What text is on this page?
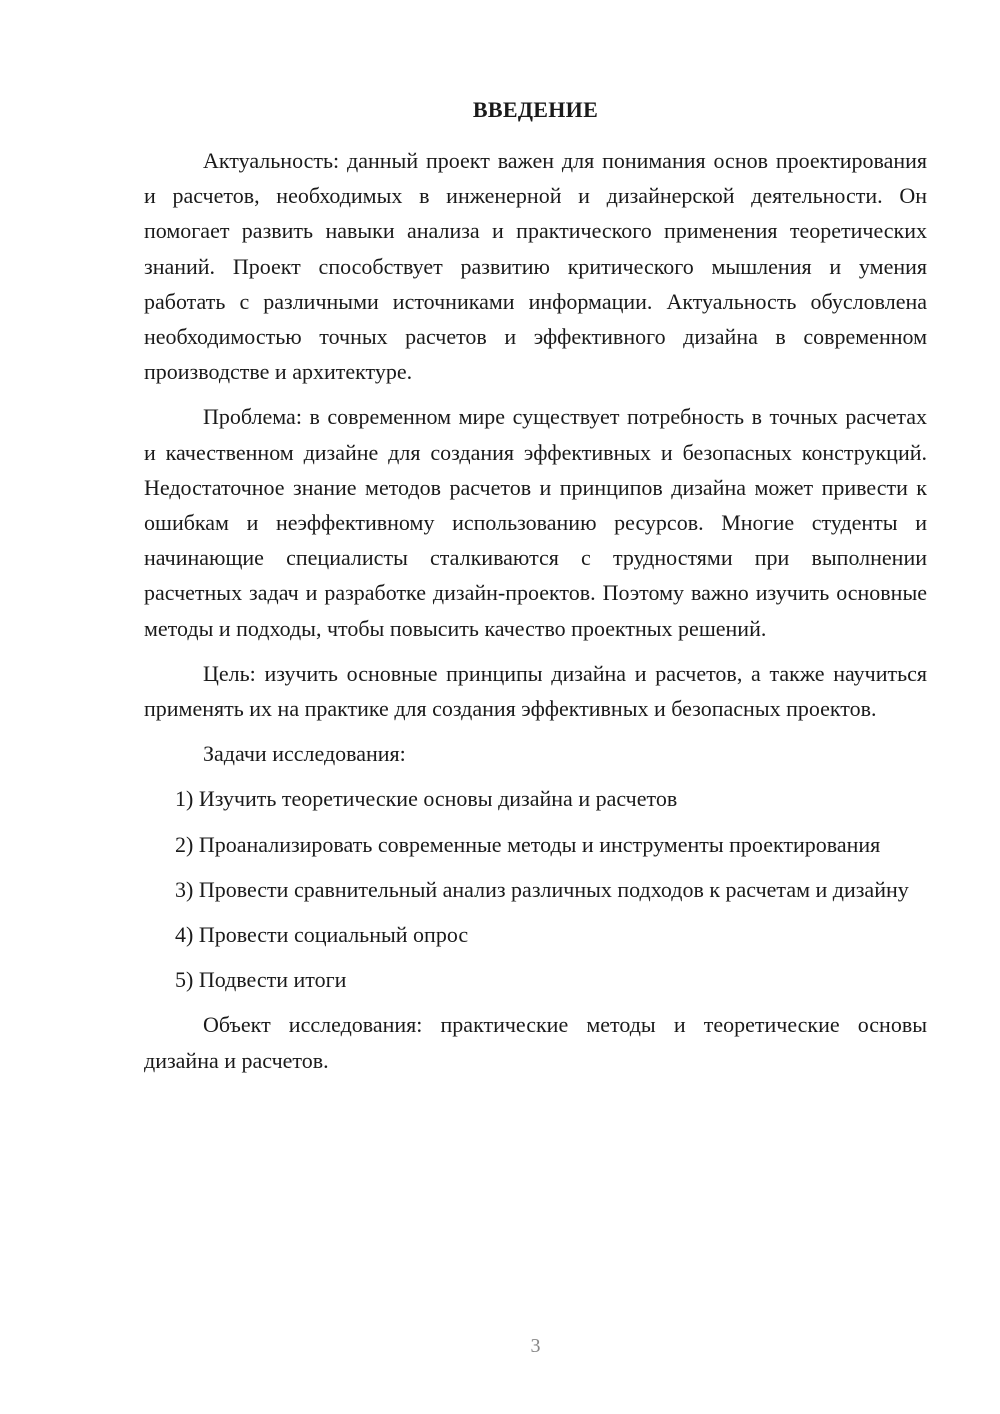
ВВЕДЕНИЕ

Актуальность: данный проект важен для понимания основ проектирования и расчетов, необходимых в инженерной и дизайнерской деятельности. Он помогает развить навыки анализа и практического применения теоретических знаний. Проект способствует развитию критического мышления и умения работать с различными источниками информации. Актуальность обусловлена необходимостью точных расчетов и эффективного дизайна в современном производстве и архитектуре.

Проблема: в современном мире существует потребность в точных расчетах и качественном дизайне для создания эффективных и безопасных конструкций. Недостаточное знание методов расчетов и принципов дизайна может привести к ошибкам и неэффективному использованию ресурсов. Многие студенты и начинающие специалисты сталкиваются с трудностями при выполнении расчетных задач и разработке дизайн-проектов. Поэтому важно изучить основные методы и подходы, чтобы повысить качество проектных решений.

Цель: изучить основные принципы дизайна и расчетов, а также научиться применять их на практике для создания эффективных и безопасных проектов.

Задачи исследования:

1) Изучить теоретические основы дизайна и расчетов

2) Проанализировать современные методы и инструменты проектирования

3) Провести сравнительный анализ различных подходов к расчетам и дизайну

4) Провести социальный опрос

5) Подвести итоги

Объект исследования: практические методы и теоретические основы дизайна и расчетов.

3
